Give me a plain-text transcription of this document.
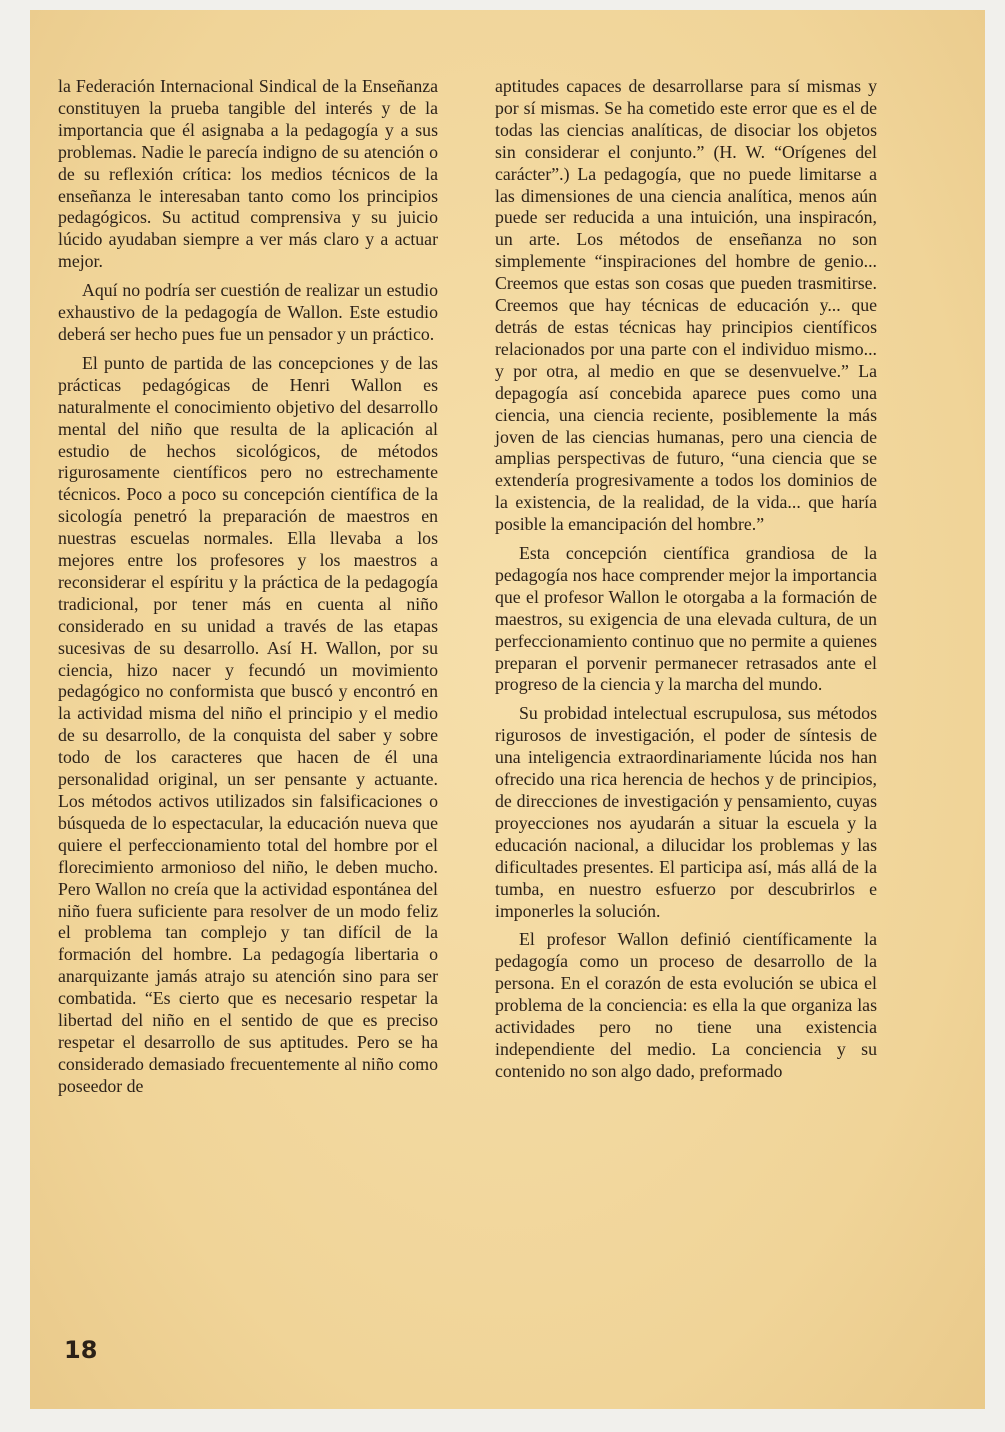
la Federación Internacional Sindical de la Enseñanza constituyen la prueba tangible del interés y de la importancia que él asignaba a la pedagogía y a sus problemas. Nadie le parecía indigno de su atención o de su reflexión crítica: los medios técnicos de la enseñanza le interesaban tanto como los principios pedagógicos. Su actitud comprensiva y su juicio lúcido ayudaban siempre a ver más claro y a actuar mejor.

Aquí no podría ser cuestión de realizar un estudio exhaustivo de la pedagogía de Wallon. Este estudio deberá ser hecho pues fue un pensador y un práctico.

El punto de partida de las concepciones y de las prácticas pedagógicas de Henri Wallon es naturalmente el conocimiento objetivo del desarrollo mental del niño que resulta de la aplicación al estudio de hechos sicológicos, de métodos rigurosamente científicos pero no estrechamente técnicos. Poco a poco su concepción científica de la sicología penetró la preparación de maestros en nuestras escuelas normales. Ella llevaba a los mejores entre los profesores y los maestros a reconsiderar el espíritu y la práctica de la pedagogía tradicional, por tener más en cuenta al niño considerado en su unidad a través de las etapas sucesivas de su desarrollo. Así H. Wallon, por su ciencia, hizo nacer y fecundó un movimiento pedagógico no conformista que buscó y encontró en la actividad misma del niño el principio y el medio de su desarrollo, de la conquista del saber y sobre todo de los caracteres que hacen de él una personalidad original, un ser pensante y actuante. Los métodos activos utilizados sin falsificaciones o búsqueda de lo espectacular, la educación nueva que quiere el perfeccionamiento total del hombre por el florecimiento armonioso del niño, le deben mucho. Pero Wallon no creía que la actividad espontánea del niño fuera suficiente para resolver de un modo feliz el problema tan complejo y tan difícil de la formación del hombre. La pedagogía libertaria o anarquizante jamás atrajo su atención sino para ser combatida. “Es cierto que es necesario respetar la libertad del niño en el sentido de que es preciso respetar el desarrollo de sus aptitudes. Pero se ha considerado demasiado frecuentemente al niño como poseedor de

aptitudes capaces de desarrollarse para sí mismas y por sí mismas. Se ha cometido este error que es el de todas las ciencias analíticas, de disociar los objetos sin considerar el conjunto.” (H. W. “Orígenes del carácter”.) La pedagogía, que no puede limitarse a las dimensiones de una ciencia analítica, menos aún puede ser reducida a una intuición, una inspiracón, un arte. Los métodos de enseñanza no son simplemente “inspiraciones del hombre de genio... Creemos que estas son cosas que pueden trasmitirse. Creemos que hay técnicas de educación y... que detrás de estas técnicas hay principios científicos relacionados por una parte con el individuo mismo... y por otra, al medio en que se desenvuelve.” La depagogía así concebida aparece pues como una ciencia, una ciencia reciente, posiblemente la más joven de las ciencias humanas, pero una ciencia de amplias perspectivas de futuro, “una ciencia que se extendería progresivamente a todos los dominios de la existencia, de la realidad, de la vida... que haría posible la emancipación del hombre.”

Esta concepción científica grandiosa de la pedagogía nos hace comprender mejor la importancia que el profesor Wallon le otorgaba a la formación de maestros, su exigencia de una elevada cultura, de un perfeccionamiento continuo que no permite a quienes preparan el porvenir permanecer retrasados ante el progreso de la ciencia y la marcha del mundo.

Su probidad intelectual escrupulosa, sus métodos rigurosos de investigación, el poder de síntesis de una inteligencia extraordinariamente lúcida nos han ofrecido una rica herencia de hechos y de principios, de direcciones de investigación y pensamiento, cuyas proyecciones nos ayudarán a situar la escuela y la educación nacional, a dilucidar los problemas y las dificultades presentes. El participa así, más allá de la tumba, en nuestro esfuerzo por descubrirlos e imponerles la solución.

El profesor Wallon definió científicamente la pedagogía como un proceso de desarrollo de la persona. En el corazón de esta evolución se ubica el problema de la conciencia: es ella la que organiza las actividades pero no tiene una existencia independiente del medio. La conciencia y su contenido no son algo dado, preformado

18
